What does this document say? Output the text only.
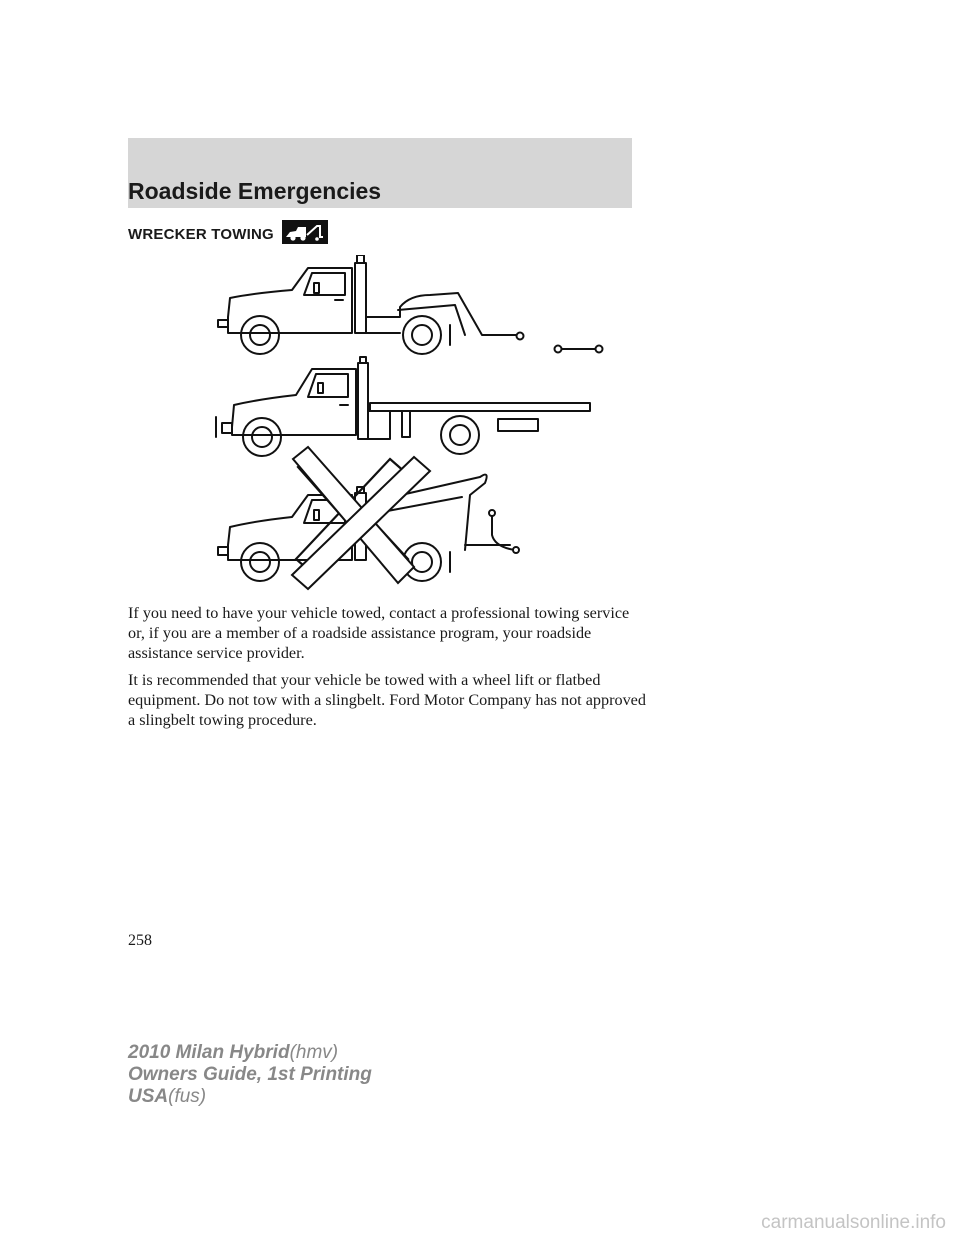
Roadside Emergencies
WRECKER TOWING

If you need to have your vehicle towed, contact a professional towing service or, if you are a member of a roadside assistance program, your roadside assistance service provider.

It is recommended that your vehicle be towed with a wheel lift or flatbed equipment. Do not tow with a slingbelt. Ford Motor Company has not approved a slingbelt towing procedure.

258
2010 Milan Hybrid(hmv)
Owners Guide, 1st Printing
USA(fus)
carmanualsonline.info
